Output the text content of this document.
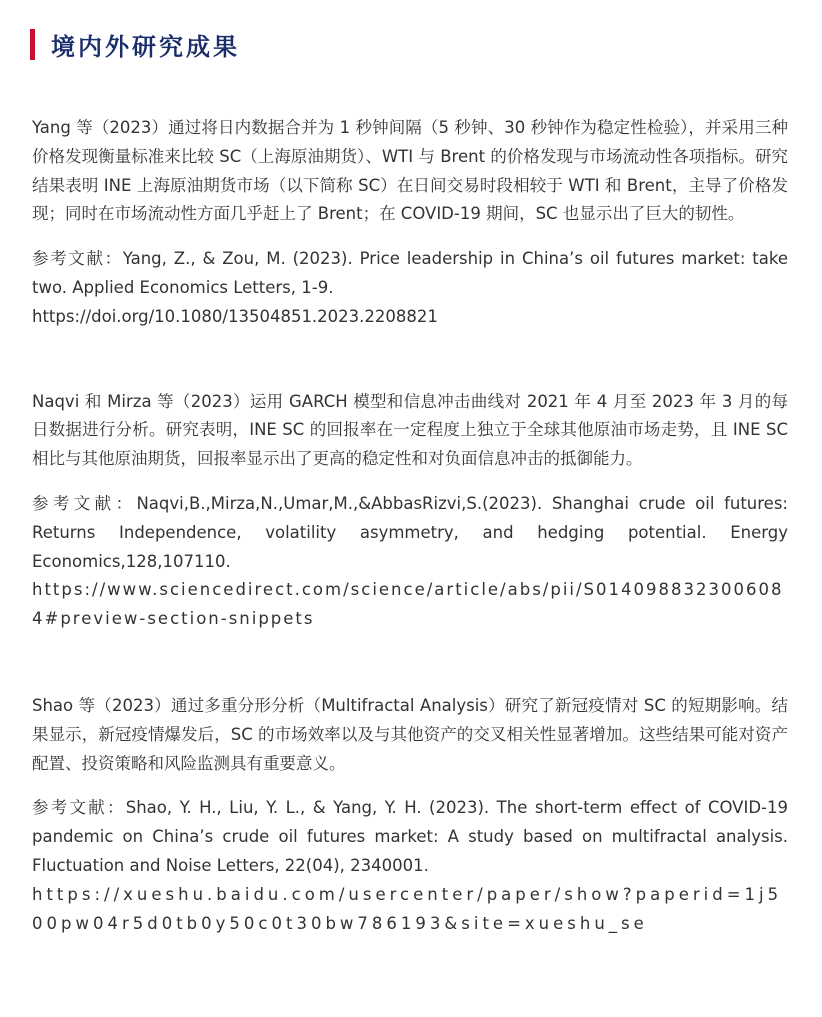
境内外研究成果

Yang 等（2023）通过将日内数据合并为 1 秒钟间隔（5 秒钟、30 秒钟作为稳定性检验），并采用三种价格发现衡量标准来比较 SC（上海原油期货）、WTI 与 Brent 的价格发现与市场流动性各项指标。研究结果表明 INE 上海原油期货市场（以下简称 SC）在日间交易时段相较于 WTI 和 Brent，主导了价格发现；同时在市场流动性方面几乎赶上了 Brent；在 COVID-19 期间，SC 也显示出了巨大的韧性。

参考文献：Yang, Z., & Zou, M. (2023). Price leadership in China’s oil futures market: take two. Applied Economics Letters, 1-9.

https://doi.org/10.1080/13504851.2023.2208821

Naqvi 和 Mirza 等（2023）运用 GARCH 模型和信息冲击曲线对 2021 年 4 月至 2023 年 3 月的每日数据进行分析。研究表明，INE SC 的回报率在一定程度上独立于全球其他原油市场走势，且 INE SC 相比与其他原油期货，回报率显示出了更高的稳定性和对负面信息冲击的抵御能力。

参考文献：Naqvi,B.,Mirza,N.,Umar,M.,&AbbasRizvi,S.(2023). Shanghai crude oil futures: Returns Independence, volatility asymmetry, and hedging potential. Energy Economics,128,107110.

https://www.sciencedirect.com/science/article/abs/pii/S0140988323006084#preview-section-snippets

Shao 等（2023）通过多重分形分析（Multifractal Analysis）研究了新冠疫情对 SC 的短期影响。结果显示，新冠疫情爆发后，SC 的市场效率以及与其他资产的交叉相关性显著增加。这些结果可能对资产配置、投资策略和风险监测具有重要意义。

参考文献：Shao, Y. H., Liu, Y. L., & Yang, Y. H. (2023). The short-term effect of COVID-19 pandemic on China’s crude oil futures market: A study based on multifractal analysis. Fluctuation and Noise Letters, 22(04), 2340001.

https://xueshu.baidu.com/usercenter/paper/show?paperid=1j500pw04r5d0tb0y50c0t30bw786193&site=xueshu_se
